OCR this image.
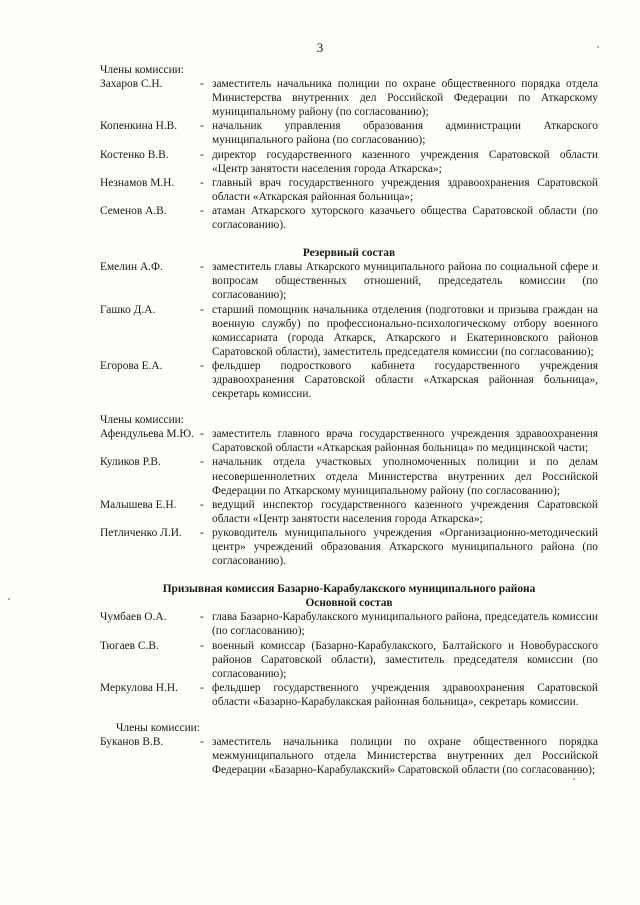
3

Члены комиссии:

Захаров С.Н.	- заместитель начальника полиции по охране общественного порядка отдела Министерства внутренних дел Российской Федерации по Аткарскому муниципальному району (по согласованию);
Копенкина Н.В.	- начальник управления образования администрации Аткарского муниципального района (по согласованию);
Костенко В.В.	- директор государственного казенного учреждения Саратовской области «Центр занятости населения города Аткарска»;
Незнамов М.Н.	- главный врач государственного учреждения здравоохранения Саратовской области «Аткарская районная больница»;
Семенов А.В.	- атаман Аткарского хуторского казачьего общества Саратовской области (по согласованию).

Резервный состав

Емелин А.Ф.	- заместитель главы Аткарского муниципального района по социальной сфере и вопросам общественных отношений, председатель комиссии (по согласованию);
Гашко Д.А.	- старший помощник начальника отделения (подготовки и призыва граждан на военную службу) по профессионально-психологическому отбору военного комиссариата (города Аткарск, Аткарского и Екатериновского районов Саратовской области), заместитель председателя комиссии (по согласованию);
Егорова Е.А.	- фельдшер подросткового кабинета государственного учреждения здравоохранения Саратовской области «Аткарская районная больница», секретарь комиссии.

Члены комиссии:

Афендульева М.Ю. - заместитель главного врача государственного учреждения здравоохранения Саратовской области «Аткарская районная больница» по медицинской части;
Куликов Р.В.	- начальник отдела участковых уполномоченных полиции и по делам несовершеннолетних отдела Министерства внутренних дел Российской Федерации по Аткарскому муниципальному району (по согласованию);
Малышева Е.Н.	- ведущий инспектор государственного казенного учреждения Саратовской области «Центр занятости населения города Аткарска»;
Петличенко Л.И.	- руководитель муниципального учреждения «Организационно-методический центр» учреждений образования Аткарского муниципального района (по согласованию).

Призывная комиссия Базарно-Карабулакского муниципального района

Основной состав

Чумбаев О.А.	- глава Базарно-Карабулакского муниципального района, председатель комиссии (по согласованию);
Тюгаев С.В.	- военный комиссар (Базарно-Карабулакского, Балтайского и Новобурасского районов Саратовской области), заместитель председателя комиссии (по согласованию);
Меркулова Н.Н.	- фельдшер государственного учреждения здравоохранения Саратовской области «Базарно-Карабулакская районная больница», секретарь комиссии.

Члены комиссии:

Буканов В.В.	- заместитель начальника полиции по охране общественного порядка межмуниципального отдела Министерства внутренних дел Российской Федерации «Базарно-Карабулакский» Саратовской области (по согласованию);
